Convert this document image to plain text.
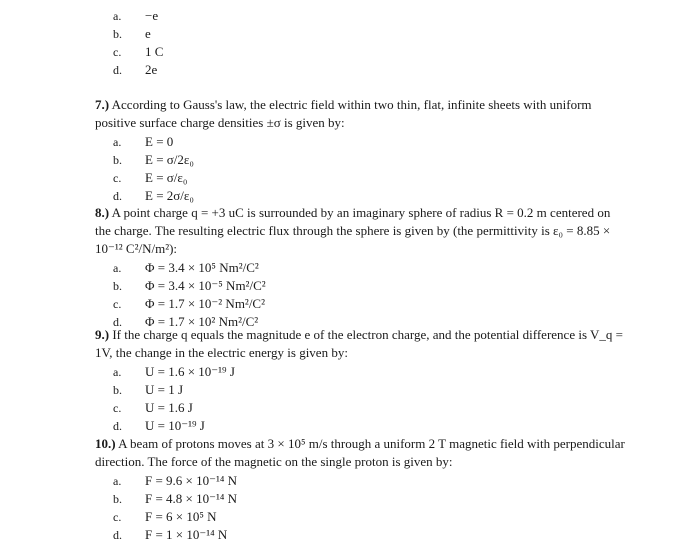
a. −e
b. e
c. 1 C
d. 2e

7.) According to Gauss's law, the electric field within two thin, flat, infinite sheets with uniform positive surface charge densities ±σ is given by:

a. E = 0
b. E = σ/2ε₀
c. E = σ/ε₀
d. E = 2σ/ε₀

8.) A point charge q = +3 uC is surrounded by an imaginary sphere of radius R = 0.2 m centered on the charge. The resulting electric flux through the sphere is given by (the permittivity is ε₀ = 8.85 × 10⁻¹² C²/N/m²):

a. Φ = 3.4 × 10⁵ Nm²/C²
b. Φ = 3.4 × 10⁻⁵ Nm²/C²
c. Φ = 1.7 × 10⁻² Nm²/C²
d. Φ = 1.7 × 10² Nm²/C²

9.) If the charge q equals the magnitude e of the electron charge, and the potential difference is V_q = 1V, the change in the electric energy is given by:

a. U = 1.6 × 10⁻¹⁹ J
b. U = 1 J
c. U = 1.6 J
d. U = 10⁻¹⁹ J

10.) A beam of protons moves at 3 × 10⁵ m/s through a uniform 2 T magnetic field with perpendicular direction. The force of the magnetic on the single proton is given by:

a. F = 9.6 × 10⁻¹⁴ N
b. F = 4.8 × 10⁻¹⁴ N
c. F = 6 × 10⁵ N
d. F = 1 × 10⁻¹⁴ N
